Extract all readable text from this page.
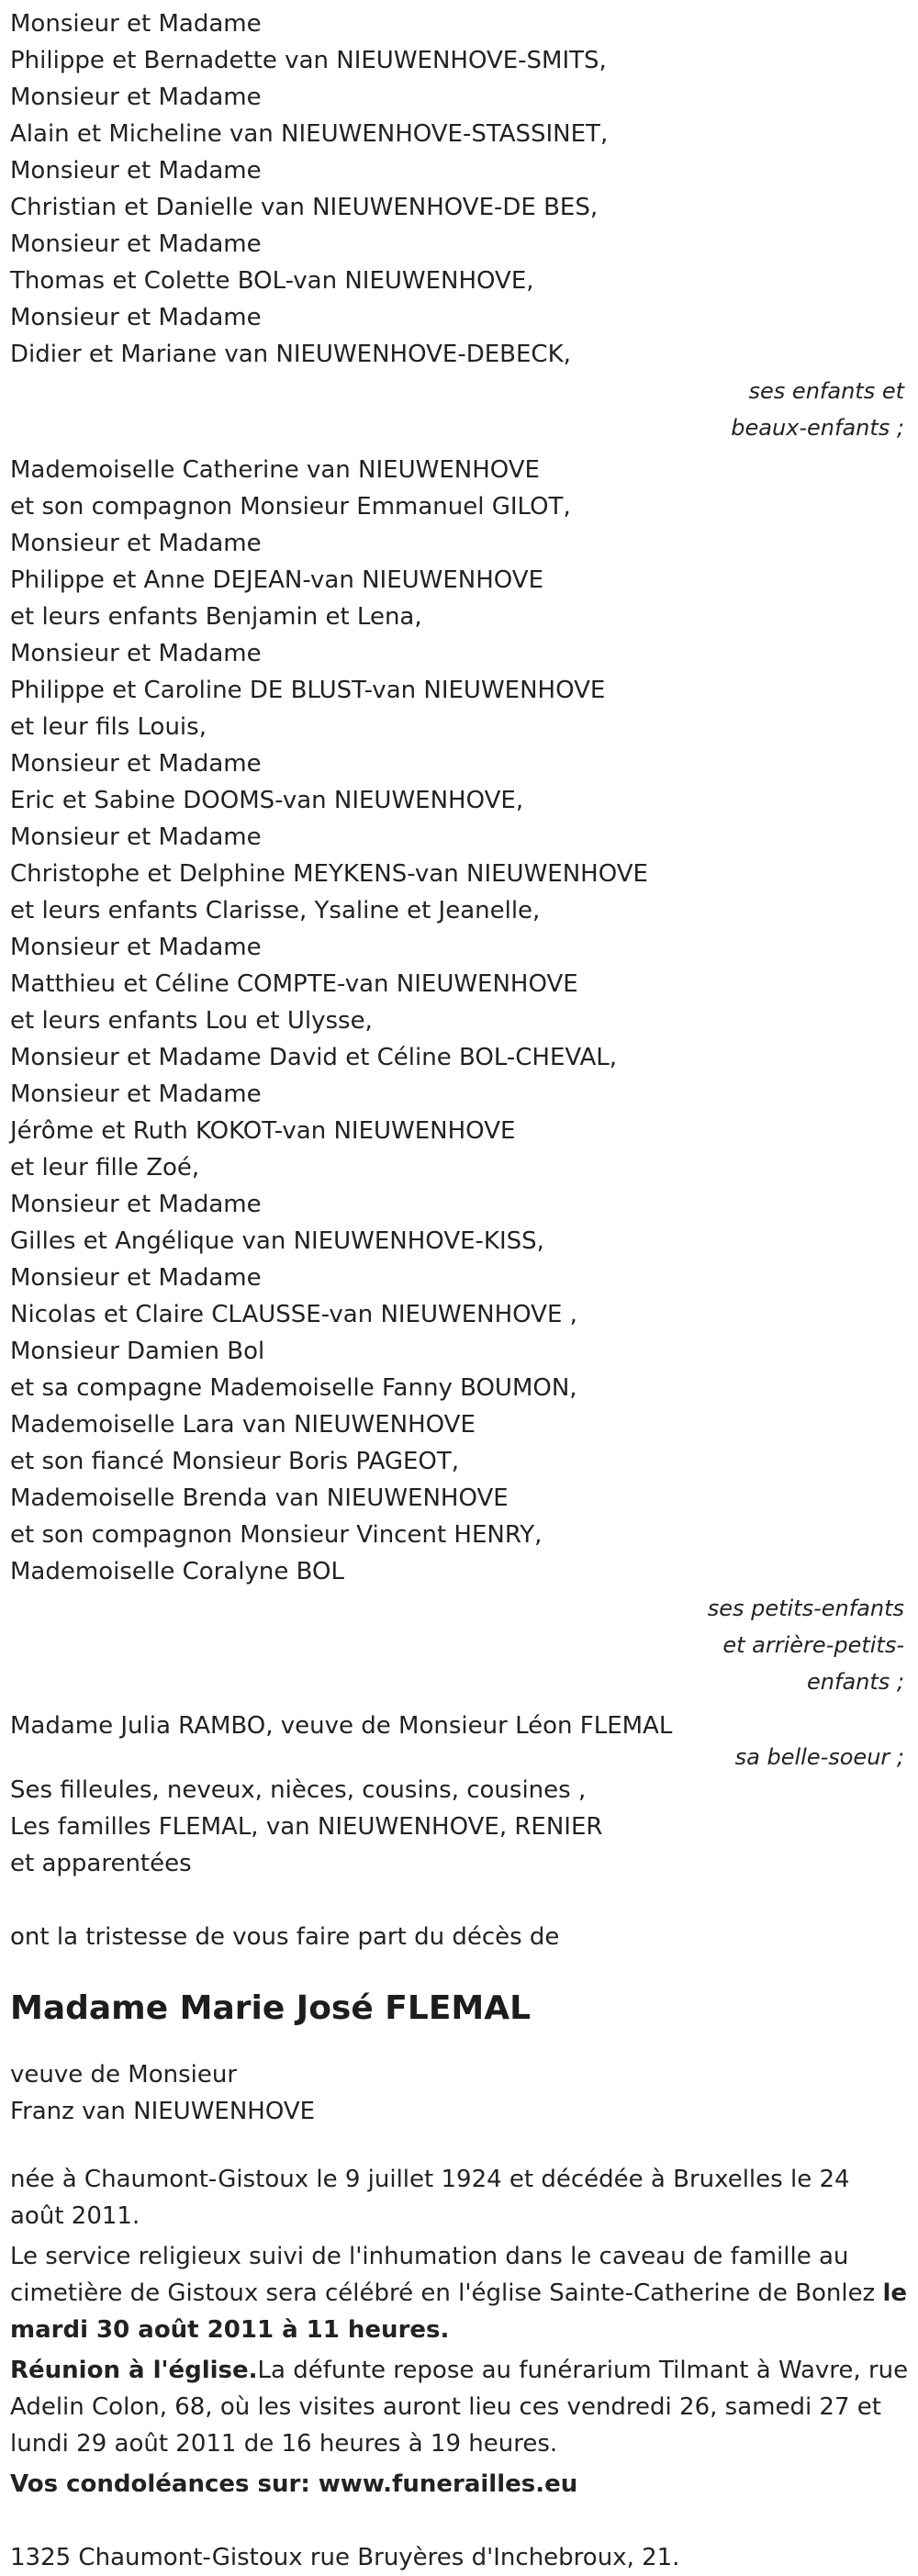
Monsieur et Madame
Philippe et Bernadette van NIEUWENHOVE-SMITS,
Monsieur et Madame
Alain et Micheline van NIEUWENHOVE-STASSINET,
Monsieur et Madame
Christian et Danielle van NIEUWENHOVE-DE BES,
Monsieur et Madame
Thomas et Colette BOL-van NIEUWENHOVE,
Monsieur et Madame
Didier et Mariane van NIEUWENHOVE-DEBECK,
ses enfants et
beaux-enfants ;
Mademoiselle Catherine van NIEUWENHOVE
et son compagnon Monsieur Emmanuel GILOT,
Monsieur et Madame
Philippe et Anne DEJEAN-van NIEUWENHOVE
et leurs enfants Benjamin et Lena,
Monsieur et Madame
Philippe et Caroline DE BLUST-van NIEUWENHOVE
et leur fils Louis,
Monsieur et Madame
Eric et Sabine DOOMS-van NIEUWENHOVE,
Monsieur et Madame
Christophe et Delphine MEYKENS-van NIEUWENHOVE
et leurs enfants Clarisse, Ysaline et Jeanelle,
Monsieur et Madame
Matthieu et Céline COMPTE-van NIEUWENHOVE
et leurs enfants Lou et Ulysse,
Monsieur et Madame David et Céline BOL-CHEVAL,
Monsieur et Madame
Jérôme et Ruth KOKOT-van NIEUWENHOVE
et leur fille Zoé,
Monsieur et Madame
Gilles et Angélique van NIEUWENHOVE-KISS,
Monsieur et Madame
Nicolas et Claire CLAUSSE-van NIEUWENHOVE ,
Monsieur Damien Bol
et sa compagne Mademoiselle Fanny BOUMON,
Mademoiselle Lara van NIEUWENHOVE
et son fiancé Monsieur Boris PAGEOT,
Mademoiselle Brenda van NIEUWENHOVE
et son compagnon Monsieur Vincent HENRY,
Mademoiselle Coralyne BOL
ses petits-enfants
et arrière-petits-
enfants ;
Madame Julia RAMBO, veuve de Monsieur Léon FLEMAL
sa belle-soeur ;
Ses filleules, neveux, nièces, cousins, cousines ,
Les familles FLEMAL, van NIEUWENHOVE, RENIER
et apparentées
ont la tristesse de vous faire part du décès de
Madame Marie José FLEMAL
veuve de Monsieur
Franz van NIEUWENHOVE
née à Chaumont-Gistoux le 9 juillet 1924 et décédée à Bruxelles le 24 août 2011.
Le service religieux suivi de l'inhumation dans le caveau de famille au cimetière de Gistoux sera célébré en l'église Sainte-Catherine de Bonlez le mardi 30 août 2011 à 11 heures.
Réunion à l'église.La défunte repose au funérarium Tilmant à Wavre, rue Adelin Colon, 68, où les visites auront lieu ces vendredi 26, samedi 27 et lundi 29 août 2011 de 16 heures à 19 heures.
Vos condoléances sur: www.funerailles.eu
1325 Chaumont-Gistoux rue Bruyères d'Inchebroux, 21.
